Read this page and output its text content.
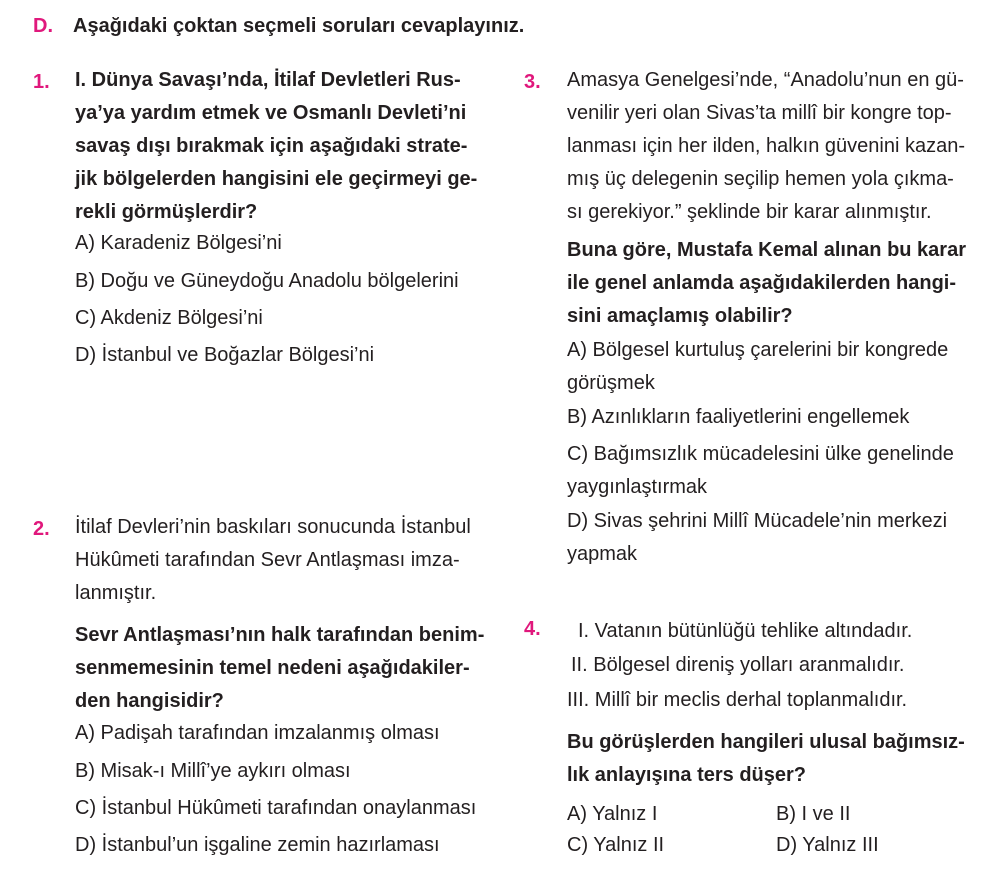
D. Aşağıdaki çoktan seçmeli soruları cevaplayınız.
1. I. Dünya Savaşı’nda, İtilaf Devletleri Rus-
ya’ya yardım etmek ve Osmanlı Devleti’ni
savaş dışı bırakmak için aşağıdaki strate-
jik bölgelerden hangisini ele geçirmeyi ge-
rekli görmüşlerdir?
A) Karadeniz Bölgesi’ni
B) Doğu ve Güneydoğu Anadolu bölgelerini
C) Akdeniz Bölgesi’ni
D) İstanbul ve Boğazlar Bölgesi’ni
2. İtilaf Devleri’nin baskıları sonucunda İstanbul
Hükûmeti tarafından Sevr Antlaşması imza-
lanmıştır.
Sevr Antlaşması’nın halk tarafından benim-
senmemesinin temel nedeni aşağıdakiler-
den hangisidir?
A) Padişah tarafından imzalanmış olması
B) Misak-ı Millî’ye aykırı olması
C) İstanbul Hükûmeti tarafından onaylanması
D) İstanbul’un işgaline zemin hazırlaması
3. Amasya Genelgesi’nde, “Anadolu’nun en gü-
venilir yeri olan Sivas’ta millî bir kongre top-
lanması için her ilden, halkın güvenini kazan-
mış üç delegenin seçilip hemen yola çıkma-
sı gerekiyor.” şeklinde bir karar alınmıştır.
Buna göre, Mustafa Kemal alınan bu karar
ile genel anlamda aşağıdakilerden hangi-
sini amaçlamış olabilir?
A) Bölgesel kurtuluş çarelerini bir kongrede
görüşmek
B) Azınlıkların faaliyetlerini engellemek
C) Bağımsızlık mücadelesini ülke genelinde
yaygınlaştırmak
D) Sivas şehrini Millî Mücadele’nin merkezi
yapmak
4. I. Vatanın bütünlüğü tehlike altındadır.
II. Bölgesel direniş yolları aranmalıdır.
III. Millî bir meclis derhal toplanmalıdır.
Bu görüşlerden hangileri ulusal bağımsız-
lık anlayışına ters düşer?
A) Yalnız I	B) I ve II
C) Yalnız II	D) Yalnız III
